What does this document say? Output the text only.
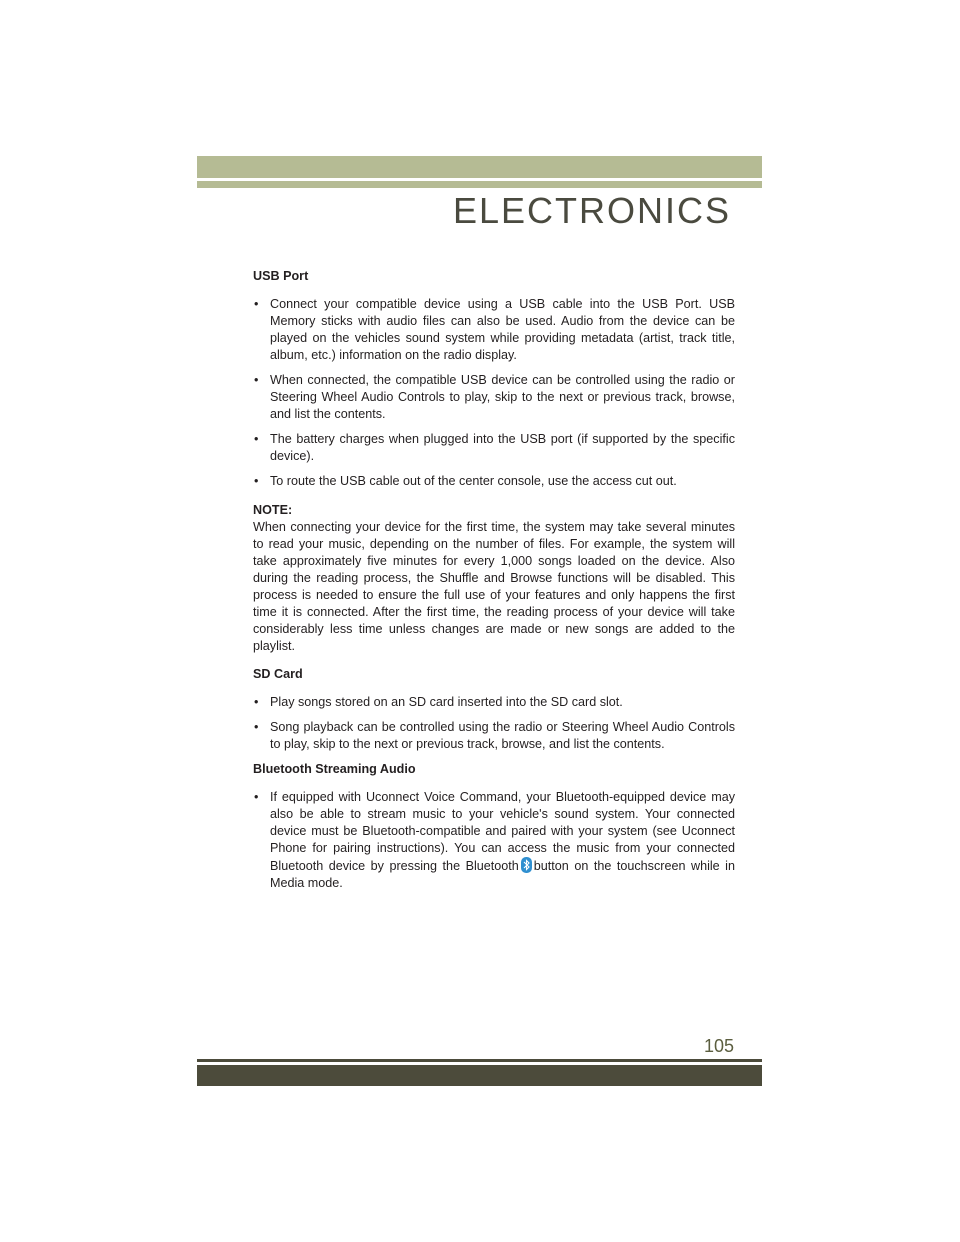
ELECTRONICS

USB Port

• Connect your compatible device using a USB cable into the USB Port. USB Memory sticks with audio files can also be used. Audio from the device can be played on the vehicles sound system while providing metadata (artist, track title, album, etc.) information on the radio display.
• When connected, the compatible USB device can be controlled using the radio or Steering Wheel Audio Controls to play, skip to the next or previous track, browse, and list the contents.
• The battery charges when plugged into the USB port (if supported by the specific device).
• To route the USB cable out of the center console, use the access cut out.

NOTE:

When connecting your device for the first time, the system may take several minutes to read your music, depending on the number of files. For example, the system will take approximately five minutes for every 1,000 songs loaded on the device. Also during the reading process, the Shuffle and Browse functions will be disabled. This process is needed to ensure the full use of your features and only happens the first time it is connected. After the first time, the reading process of your device will take considerably less time unless changes are made or new songs are added to the playlist.

SD Card

• Play songs stored on an SD card inserted into the SD card slot.
• Song playback can be controlled using the radio or Steering Wheel Audio Controls to play, skip to the next or previous track, browse, and list the contents.

Bluetooth Streaming Audio

• If equipped with Uconnect Voice Command, your Bluetooth-equipped device may also be able to stream music to your vehicle's sound system. Your connected device must be Bluetooth-compatible and paired with your system (see Uconnect Phone for pairing instructions). You can access the music from your connected Bluetooth device by pressing the Bluetooth button on the touchscreen while in Media mode.
105
